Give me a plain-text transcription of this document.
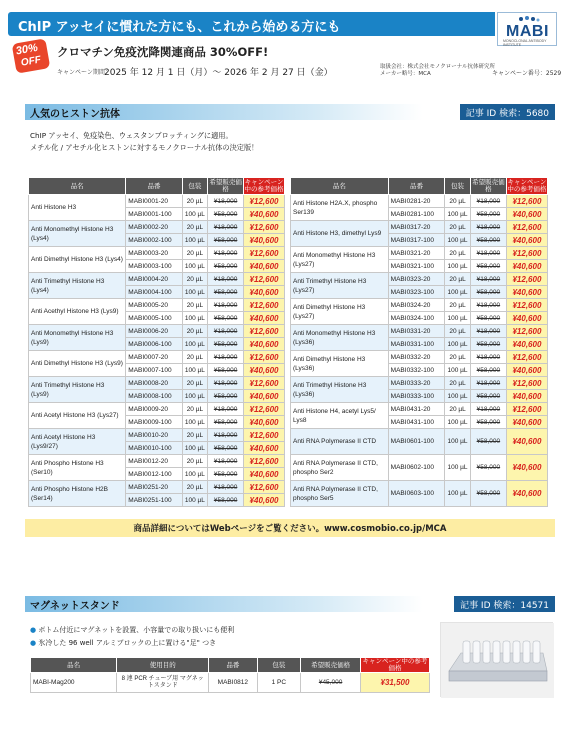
ChIP アッセイに慣れた方にも、これから始める方にも	MABI
MONOCLONAL ANTIBODY INSTITUTE
30%
OFF
クロマチン免疫沈降関連商品 30%OFF!
キャンペーン期間：
2025 年 12 月 1 日（月）～ 2026 年 2 月 27 日（金）
取扱会社：株式会社モノクローナル抗体研究所
メーカー略号：MCA	キャンペーン番号：2529
人気のヒストン抗体	記事 ID 検索：5680
ChIP アッセイ、免疫染色、ウェスタンブロッティングに適用。
メチル化 / アセチル化ヒストンに対するモノクローナル抗体の決定版！
品名	品番	包装	希望販売価格	キャンペーン中の参考価格
Anti Histone H3	MABI0001-20	20 µL	¥18,000	¥12,600
	MABI0001-100	100 µL	¥58,000	¥40,600
Anti Monomethyl Histone H3 (Lys4)	MABI0002-20	20 µL	¥18,000	¥12,600
	MABI0002-100	100 µL	¥58,000	¥40,600
Anti Dimethyl Histone H3 (Lys4)	MABI0003-20	20 µL	¥18,000	¥12,600
	MABI0003-100	100 µL	¥58,000	¥40,600
Anti Trimethyl Histone H3 (Lys4)	MABI0004-20	20 µL	¥18,000	¥12,600
	MABI0004-100	100 µL	¥58,000	¥40,600
Anti Acethyl Histone H3 (Lys9)	MABI0005-20	20 µL	¥18,000	¥12,600
	MABI0005-100	100 µL	¥58,000	¥40,600
Anti Monomethyl Histone H3 (Lys9)	MABI0006-20	20 µL	¥18,000	¥12,600
	MABI0006-100	100 µL	¥58,000	¥40,600
Anti Dimethyl Histone H3 (Lys9)	MABI0007-20	20 µL	¥18,000	¥12,600
	MABI0007-100	100 µL	¥58,000	¥40,600
Anti Trimethyl Histone H3 (Lys9)	MABI0008-20	20 µL	¥18,000	¥12,600
	MABI0008-100	100 µL	¥58,000	¥40,600
Anti Acetyl Histone H3 (Lys27)	MABI0009-20	20 µL	¥18,000	¥12,600
	MABI0009-100	100 µL	¥58,000	¥40,600
Anti Acetyl Histone H3 (Lys9/27)	MABI0010-20	20 µL	¥18,000	¥12,600
	MABI0010-100	100 µL	¥58,000	¥40,600
Anti Phospho Histone H3 (Ser10)	MABI0012-20	20 µL	¥18,000	¥12,600
	MABI0012-100	100 µL	¥58,000	¥40,600
Anti Phospho Histone H2B (Ser14)	MABI0251-20	20 µL	¥18,000	¥12,600
	MABI0251-100	100 µL	¥58,000	¥40,600
品名	品番	包装	希望販売価格	キャンペーン中の参考価格
Anti Histone H2A.X, phospho Ser139	MABI0281-20	20 µL	¥18,000	¥12,600
	MABI0281-100	100 µL	¥58,000	¥40,600
Anti Histone H3, dimethyl Lys9	MABI0317-20	20 µL	¥18,000	¥12,600
	MABI0317-100	100 µL	¥58,000	¥40,600
Anti Monomethyl Histone H3 (Lys27)	MABI0321-20	20 µL	¥18,000	¥12,600
	MABI0321-100	100 µL	¥58,000	¥40,600
Anti Trimethyl Histone H3 (Lys27)	MABI0323-20	20 µL	¥18,000	¥12,600
	MABI0323-100	100 µL	¥58,000	¥40,600
Anti Dimethyl Histone H3 (Lys27)	MABI0324-20	20 µL	¥18,000	¥12,600
	MABI0324-100	100 µL	¥58,000	¥40,600
Anti Monomethyl Histone H3 (Lys36)	MABI0331-20	20 µL	¥18,000	¥12,600
	MABI0331-100	100 µL	¥58,000	¥40,600
Anti Dimethyl Histone H3 (Lys36)	MABI0332-20	20 µL	¥18,000	¥12,600
	MABI0332-100	100 µL	¥58,000	¥40,600
Anti Trimethyl Histone H3 (Lys36)	MABI0333-20	20 µL	¥18,000	¥12,600
	MABI0333-100	100 µL	¥58,000	¥40,600
Anti Histone H4, acetyl Lys5/ Lys8	MABI0431-20	20 µL	¥18,000	¥12,600
	MABI0431-100	100 µL	¥58,000	¥40,600
Anti RNA Polymerase II CTD	MABI0601-100	100 µL	¥58,000	¥40,600
Anti RNA Polymerase II CTD, phospho Ser2	MABI0602-100	100 µL	¥58,000	¥40,600
Anti RNA Polymerase II CTD, phospho Ser5	MABI0603-100	100 µL	¥58,000	¥40,600
商品詳細についてはWebページをご覧ください。www.cosmobio.co.jp/MCA
マグネットスタンド	記事 ID 検索：14571
● ボトム付近にマグネットを設置、小容量での取り扱いにも便利
● 氷冷した 96 well アルミブロックの上に置ける"足" つき
品名	使用目的	品番	包装	希望販売価格	キャンペーン中の参考価格
MABI-Mag200	8 連 PCR チューブ用 マグネットスタンド	MABI0812	1 PC	¥45,000	¥31,500
